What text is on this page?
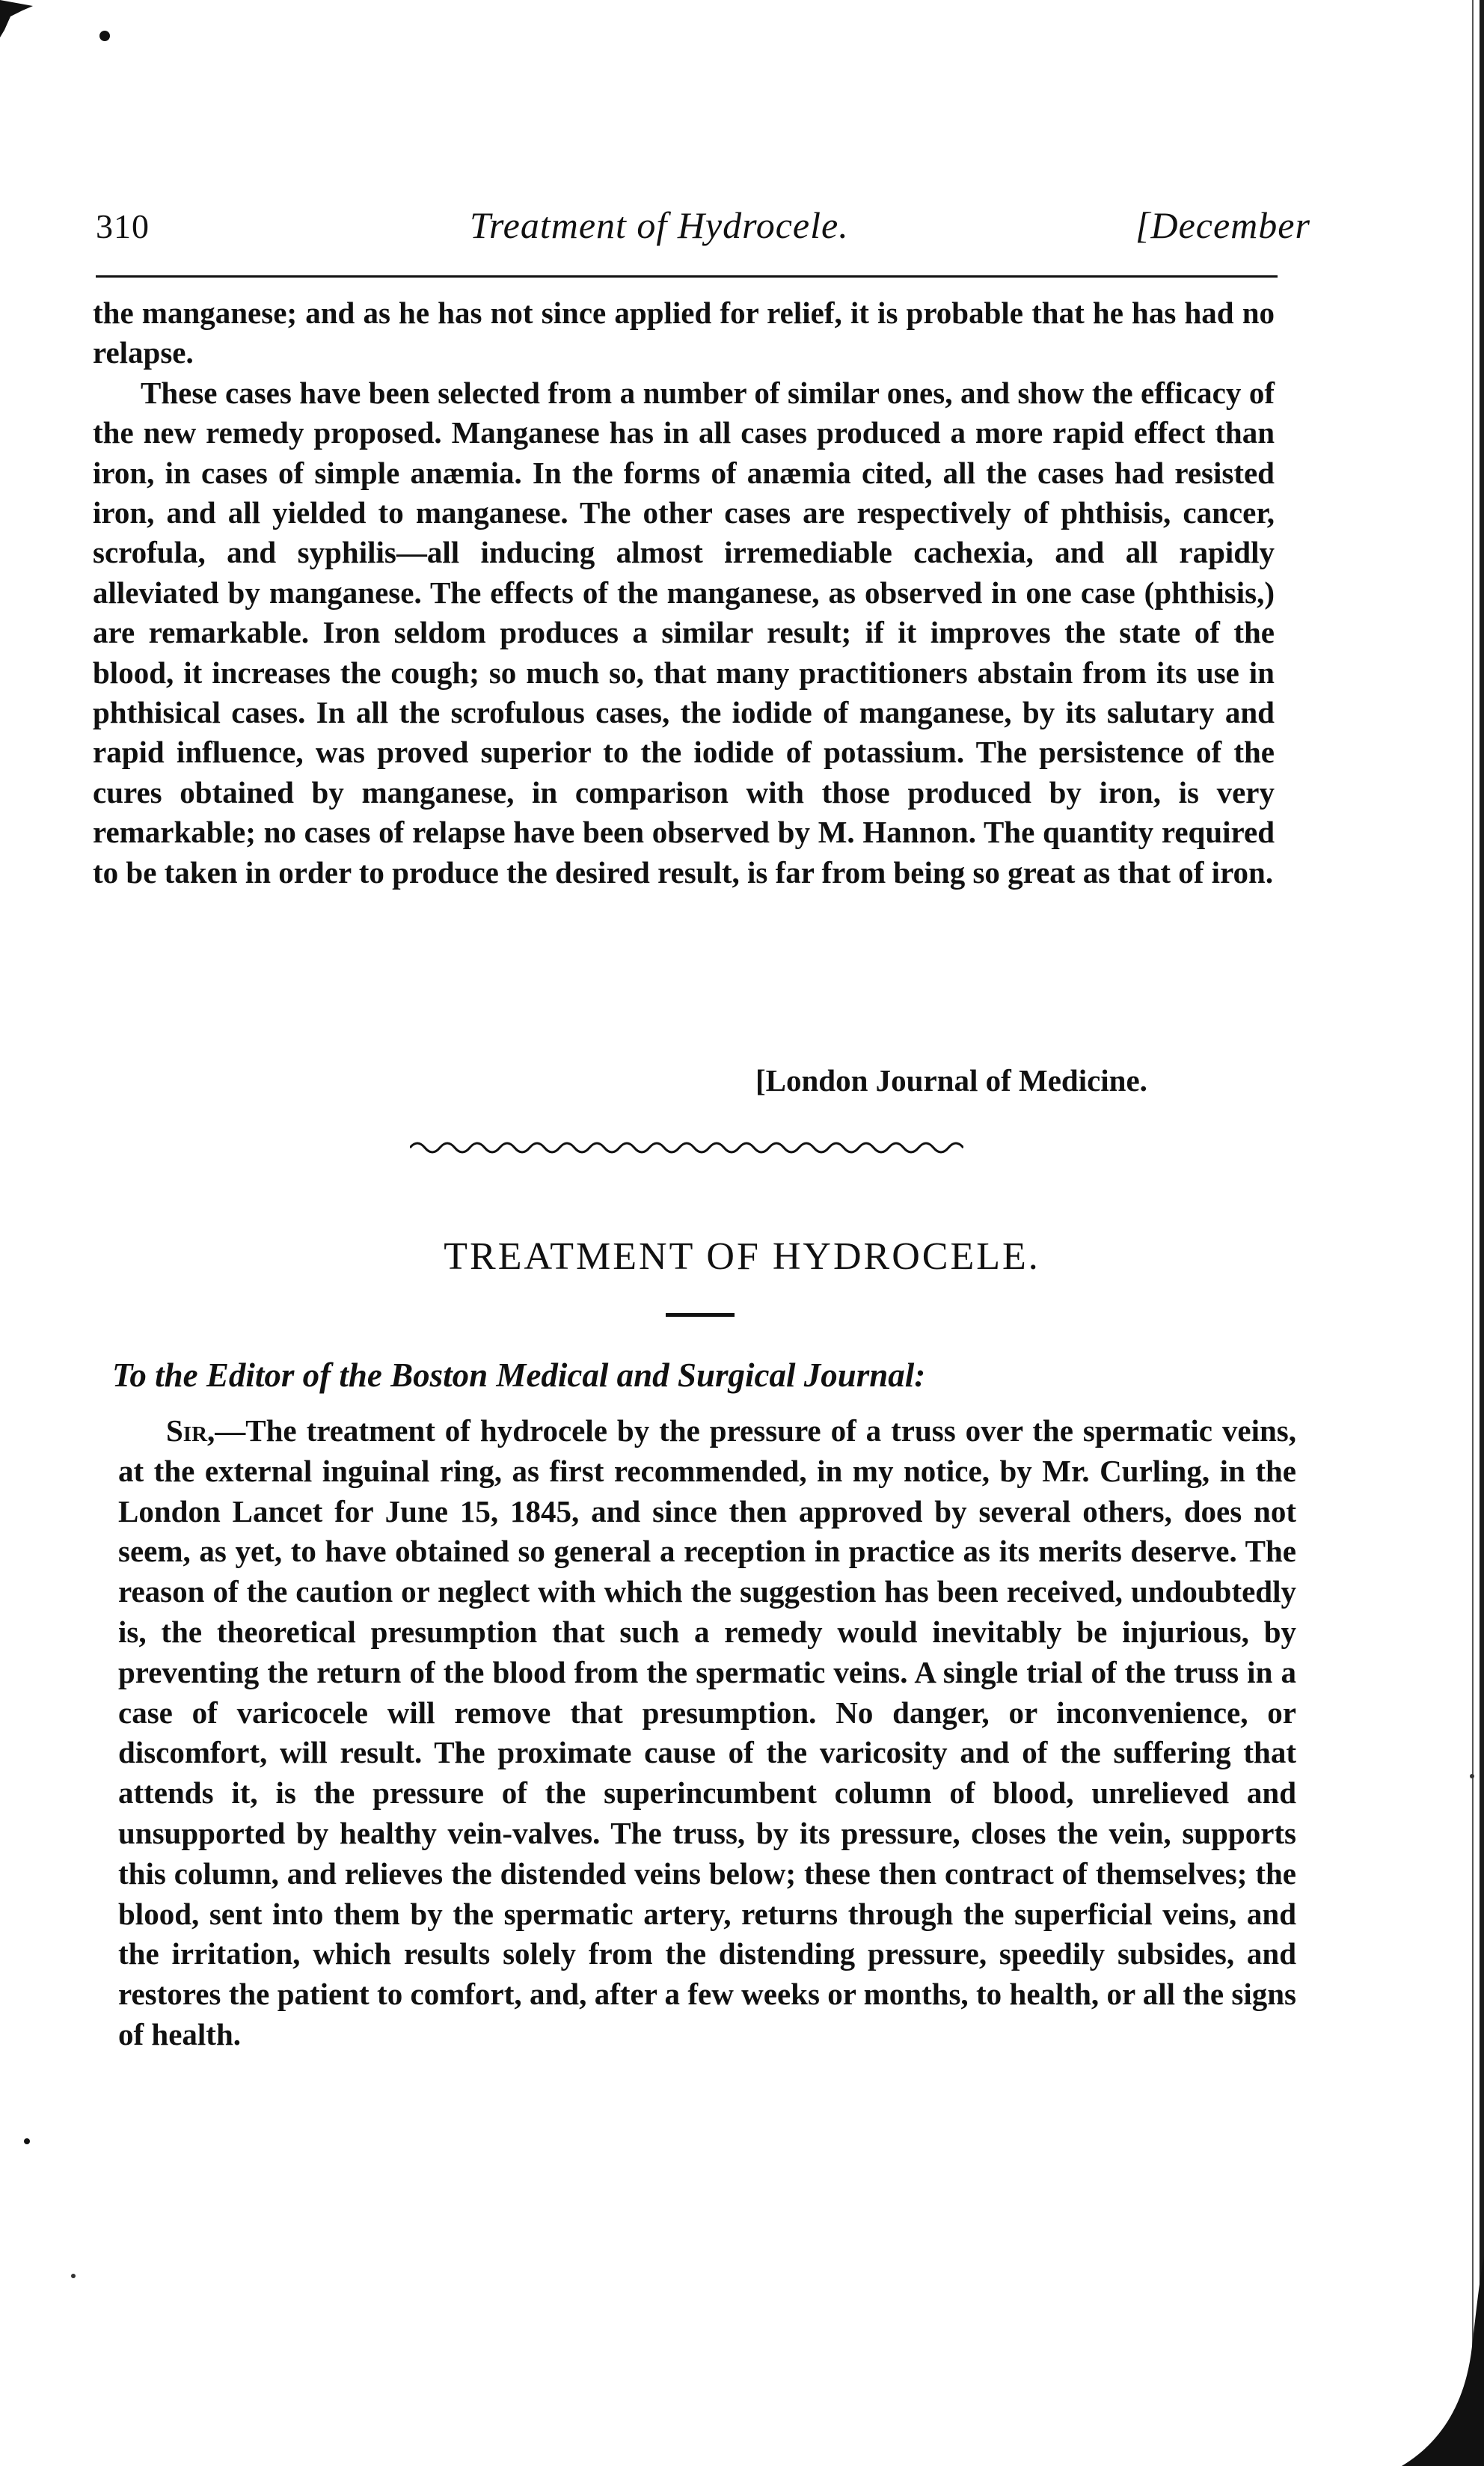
310	Treatment of Hydrocele.	[December

the manganese; and as he has not since applied for relief, it is probable that he has had no relapse.

These cases have been selected from a number of similar ones, and show the efficacy of the new remedy proposed. Manganese has in all cases produced a more rapid effect than iron, in cases of simple anæmia. In the forms of anæmia cited, all the cases had resisted iron, and all yielded to manganese. The other cases are respectively of phthisis, cancer, scrofula, and syphilis—all inducing almost irremediable cachexia, and all rapidly alleviated by manganese. The effects of the manganese, as observed in one case (phthisis,) are remarkable. Iron seldom produces a similar result; if it improves the state of the blood, it increases the cough; so much so, that many practitioners abstain from its use in phthisical cases. In all the scrofulous cases, the iodide of manganese, by its salutary and rapid influence, was proved superior to the iodide of potassium. The persistence of the cures obtained by manganese, in comparison with those produced by iron, is very remarkable; no cases of relapse have been observed by M. Hannon. The quantity required to be taken in order to produce the desired result, is far from being so great as that of iron.

[London Journal of Medicine.
TREATMENT OF HYDROCELE.
To the Editor of the Boston Medical and Surgical Journal:

Sir,—The treatment of hydrocele by the pressure of a truss over the spermatic veins, at the external inguinal ring, as first recommended, in my notice, by Mr. Curling, in the London Lancet for June 15, 1845, and since then approved by several others, does not seem, as yet, to have obtained so general a reception in practice as its merits deserve. The reason of the caution or neglect with which the suggestion has been received, undoubtedly is, the theoretical presumption that such a remedy would inevitably be injurious, by preventing the return of the blood from the spermatic veins. A single trial of the truss in a case of varicocele will remove that presumption. No danger, or inconvenience, or discomfort, will result. The proximate cause of the varicosity and of the suffering that attends it, is the pressure of the superincumbent column of blood, unrelieved and unsupported by healthy vein-valves. The truss, by its pressure, closes the vein, supports this column, and relieves the distended veins below; these then contract of themselves; the blood, sent into them by the spermatic artery, returns through the superficial veins, and the irritation, which results solely from the distending pressure, speedily subsides, and restores the patient to comfort, and, after a few weeks or months, to health, or all the signs of health.
